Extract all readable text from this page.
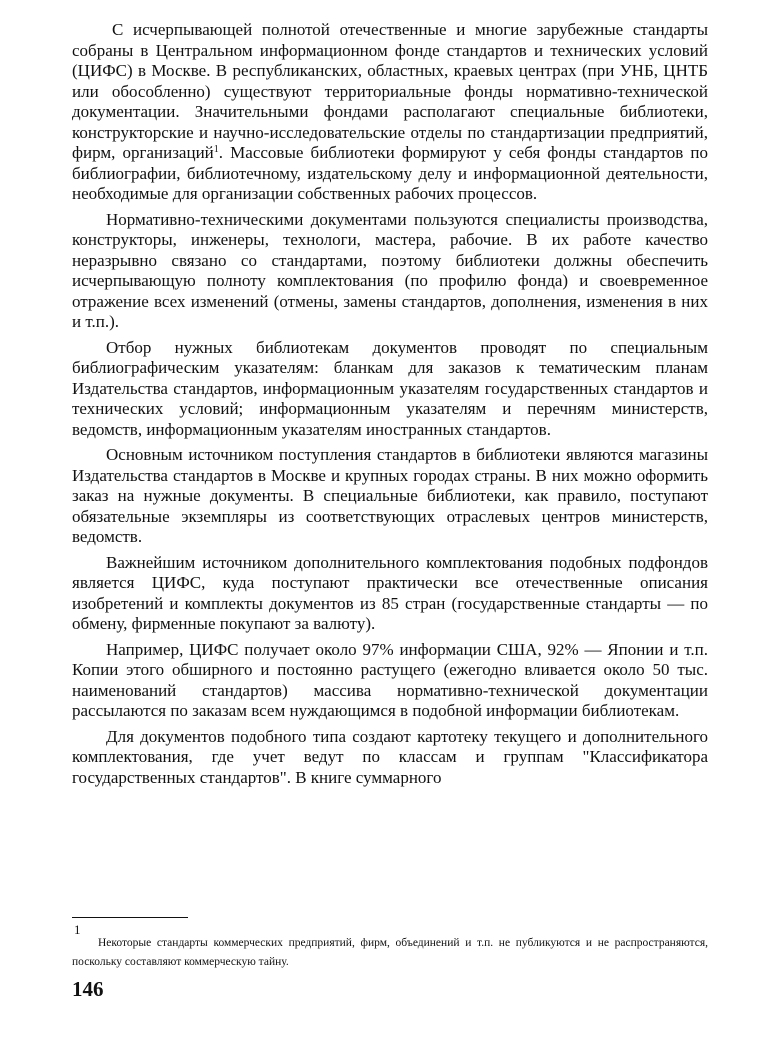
С исчерпывающей полнотой отечественные и многие зарубежные стандарты собраны в Центральном информационном фонде стандартов и технических условий (ЦИФС) в Москве. В республиканских, областных, краевых центрах (при УНБ, ЦНТБ или обособленно) существуют территориальные фонды нормативно-технической документации. Значительными фондами располагают специальные библиотеки, конструкторские и научно-исследовательские отделы по стандартизации предприятий, фирм, организаций$^1$. Массовые библиотеки формируют у себя фонды стандартов по библиографии, библиотечному, издательскому делу и информационной деятельности, необходимые для организации собственных рабочих процессов.

Нормативно-техническими документами пользуются специалисты производства, конструкторы, инженеры, технологи, мастера, рабочие. В их работе качество неразрывно связано со стандартами, поэтому библиотеки должны обеспечить исчерпывающую полноту комплектования (по профилю фонда) и своевременное отражение всех изменений (отмены, замены стандартов, дополнения, изменения в них и т.п.).

Отбор нужных библиотекам документов проводят по специальным библиографическим указателям: бланкам для заказов к тематическим планам Издательства стандартов, информационным указателям государственных стандартов и технических условий; информационным указателям и перечням министерств, ведомств, информационным указателям иностранных стандартов.

Основным источником поступления стандартов в библиотеки являются магазины Издательства стандартов в Москве и крупных городах страны. В них можно оформить заказ на нужные документы. В специальные библиотеки, как правило, поступают обязательные экземпляры из соответствующих отраслевых центров министерств, ведомств.

Важнейшим источником дополнительного комплектования подобных подфондов является ЦИФС, куда поступают практически все отечественные описания изобретений и комплекты документов из 85 стран (государственные стандарты — по обмену, фирменные покупают за валюту).

Например, ЦИФС получает около 97% информации США, 92% — Японии и т.п. Копии этого обширного и постоянно растущего (ежегодно вливается около 50 тыс. наименований стандартов) массива нормативно-технической документации рассылаются по заказам всем нуждающимся в подобной информации библиотекам.

Для документов подобного типа создают картотеку текущего и дополнительного комплектования, где учет ведут по классам и группам "Классификатора государственных стандартов". В книге суммарного

1

Некоторые стандарты коммерческих предприятий, фирм, объединений и т.п. не публикуются и не распространяются, поскольку составляют коммерческую тайну.

146
